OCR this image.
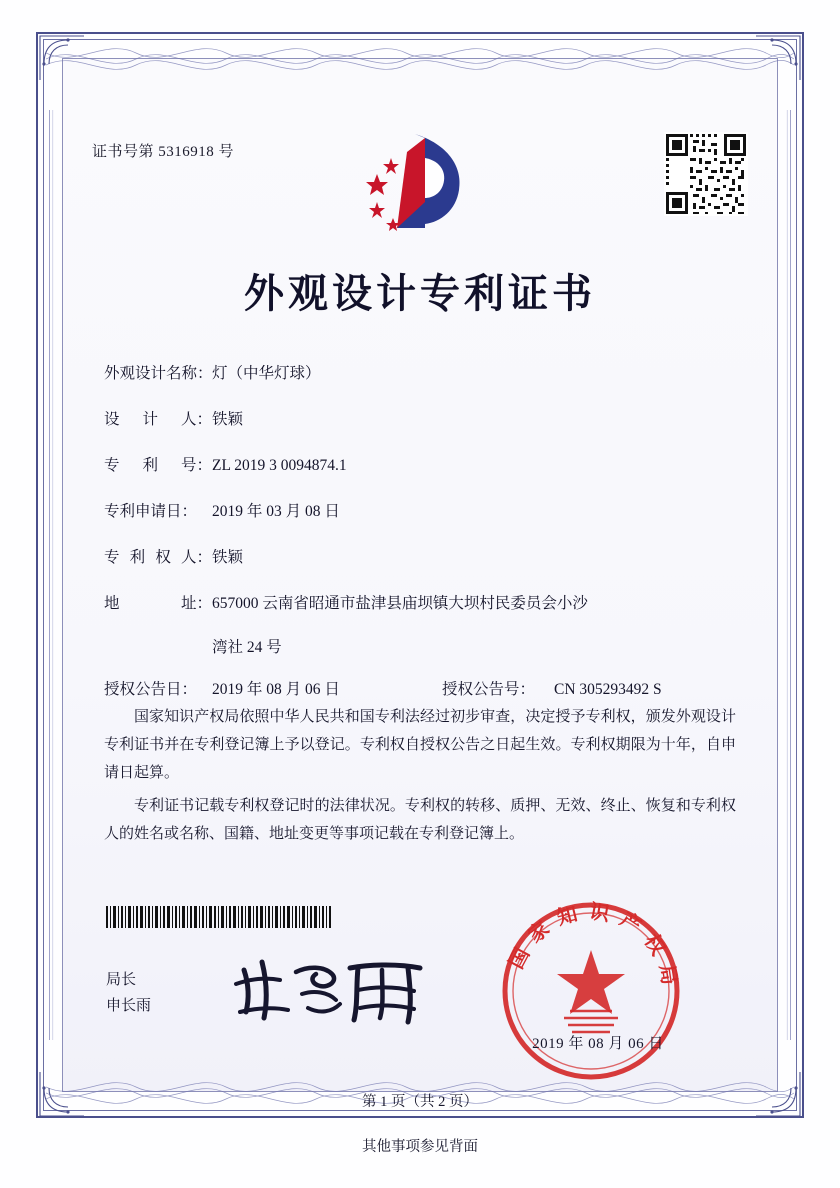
证书号第 5316918 号
外观设计专利证书
外观设计名称： 灯（中华灯球）
设 计 人： 铁颖
专 利 号： ZL 2019 3 0094874.1
专利申请日： 2019 年 03 月 08 日
专 利 权 人： 铁颖
地	址： 657000 云南省昭通市盐津县庙坝镇大坝村民委员会小沙
湾社 24 号
授权公告日： 2019 年 08 月 06 日	授权公告号：	CN 305293492 S

国家知识产权局依照中华人民共和国专利法经过初步审查，决定授予专利权，颁发外观设计专利证书并在专利登记簿上予以登记。专利权自授权公告之日起生效。专利权期限为十年，自申请日起算。

专利证书记载专利权登记时的法律状况。专利权的转移、质押、无效、终止、恢复和专利权人的姓名或名称、国籍、地址变更等事项记载在专利登记簿上。

局长
申长雨
国家知识产权局
2019 年 08 月 06 日
第 1 页（共 2 页）
其他事项参见背面
